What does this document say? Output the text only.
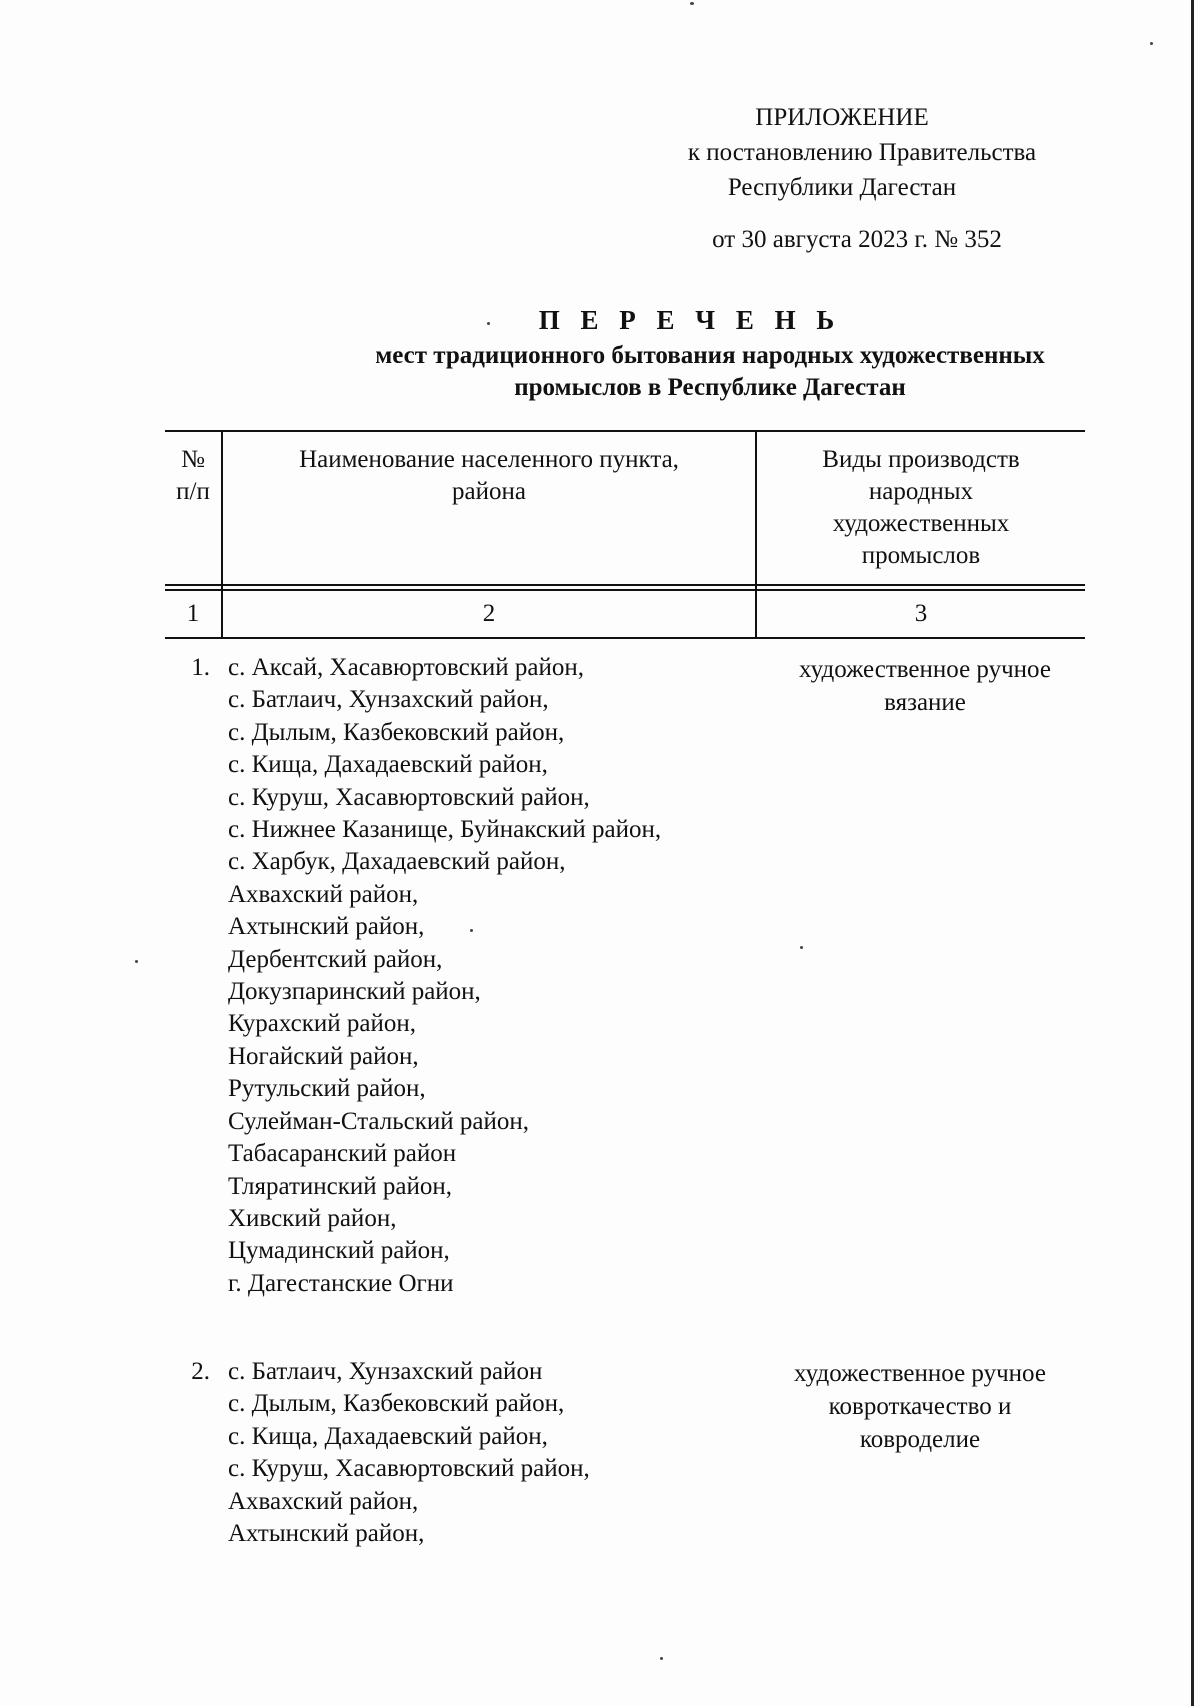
ПРИЛОЖЕНИЕ
к постановлению Правительства
Республики Дагестан
от 30 августа 2023 г. № 352
П Е Р Е Ч Е Н Ь
мест традиционного бытования народных художественных
промыслов в Республике Дагестан
№
п/п
Наименование населенного пункта,
района
Виды производств
народных
художественных
промыслов
1	2	3
1. с. Аксай, Хасавюртовский район,
с. Батлаич, Хунзахский район,
с. Дылым, Казбековский район,
с. Кища, Дахадаевский район,
с. Куруш, Хасавюртовский район,
с. Нижнее Казанище, Буйнакский район,
с. Харбук, Дахадаевский район,
Ахвахский район,
Ахтынский район,
Дербентский район,
Докузпаринский район,
Курахский район,
Ногайский район,
Рутульский район,
Сулейман-Стальский район,
Табасаранский район
Тляратинский район,
Хивский район,
Цумадинский район,
г. Дагестанские Огни
художественное ручное
вязание
2. с. Батлаич, Хунзахский район
с. Дылым, Казбековский район,
с. Кища, Дахадаевский район,
с. Куруш, Хасавюртовский район,
Ахвахский район,
Ахтынский район,
художественное ручное
ковроткачество и
ковроделие
